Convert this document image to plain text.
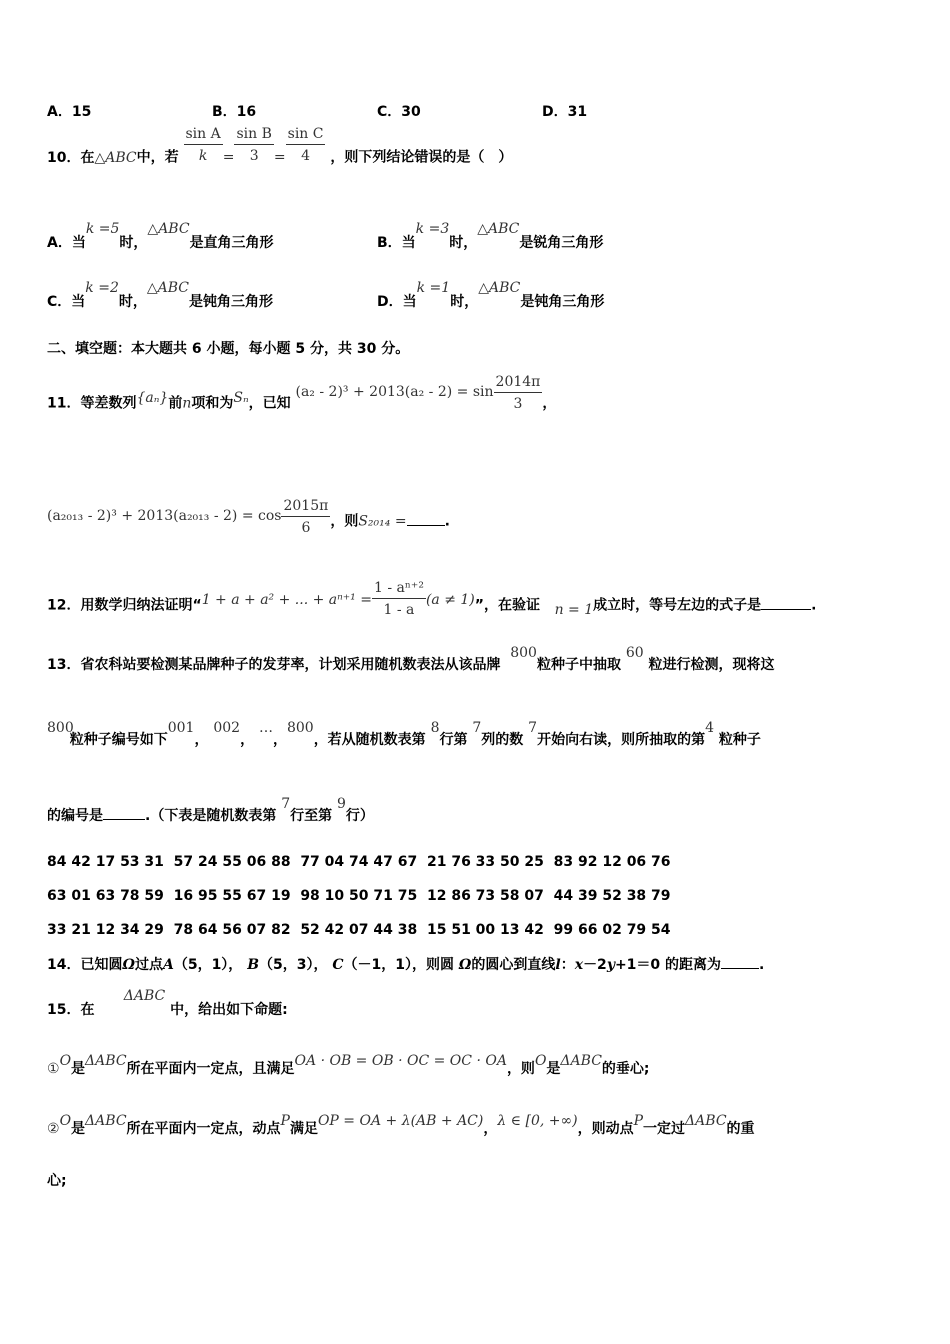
A．15	B．16	C．30	D．31
10．在△ABC中，若 $\frac{\text{sin A}}{k} = \frac{\text{sin B}}{3} = \frac{\text{sin C}}{4}$ ，则下列结论错误的是（　）
A．当k =5时，△ABC是直角三角形	B．当k =3时，△ABC是锐角三角形
C．当k =2时，△ABC是钝角三角形	D．当k =1时，△ABC是钝角三角形
二、填空题：本大题共 6 小题，每小题 5 分，共 30 分。
11．等差数列{aₙ}前n项和为Sₙ，已知 $(a_2 - 2)^3 + 2013(a_2 - 2) = \sin \frac{2014\pi}{3}$ ，
$(a_{2013} - 2)^3 + 2013(a_{2013} - 2) = \cos \frac{2015\pi}{6}$ ，则S₂₀₁₄ =	.
12．用数学归纳法证明“1 + a + a² + ... + $a^{n+1} = \frac{\text{1 - aⁿ⁺²}}{1 - a} (a \ne 1)$”，在验证 n = 1成立时，等号左边的式子是	.
13．省农科站要检测某品牌种子的发芽率，计划采用随机数表法从该品牌  800粒种子中抽取 60 粒进行检测，现将这
800粒种子编号如下001， 002， …，800，若从随机数表第 8行第 7列的数 7开始向右读，则所抽取的第4 粒种子
的编号是	.（下表是随机数表第 7行至第 9行）
84 42 17 53 31  57 24 55 06 88  77 04 74 47 67  21 76 33 50 25  83 92 12 06 76
63 01 63 78 59  16 95 55 67 19  98 10 50 71 75  12 86 73 58 07  44 39 52 38 79
33 21 12 34 29  78 64 56 07 82  52 42 07 44 38  15 51 00 13 42  99 66 02 79 54
14．已知圆Ω过点A（5，1）， B（5，3）， C（－1，1），则圆 Ω的圆心到直线l：x－2y+1＝0 的距离为	.
15．在      ΔABC 中，给出如下命题:
①O是ΔABC所在平面内一定点，且满足OA · OB = OB · OC = OC · OA，则O是ΔABC的垂心;
②O是ΔABC所在平面内一定点，动点P满足OP = OA + λ(AB + AC)，λ ∈ [0, +∞)，则动点P一定过ΔABC的重
心;
